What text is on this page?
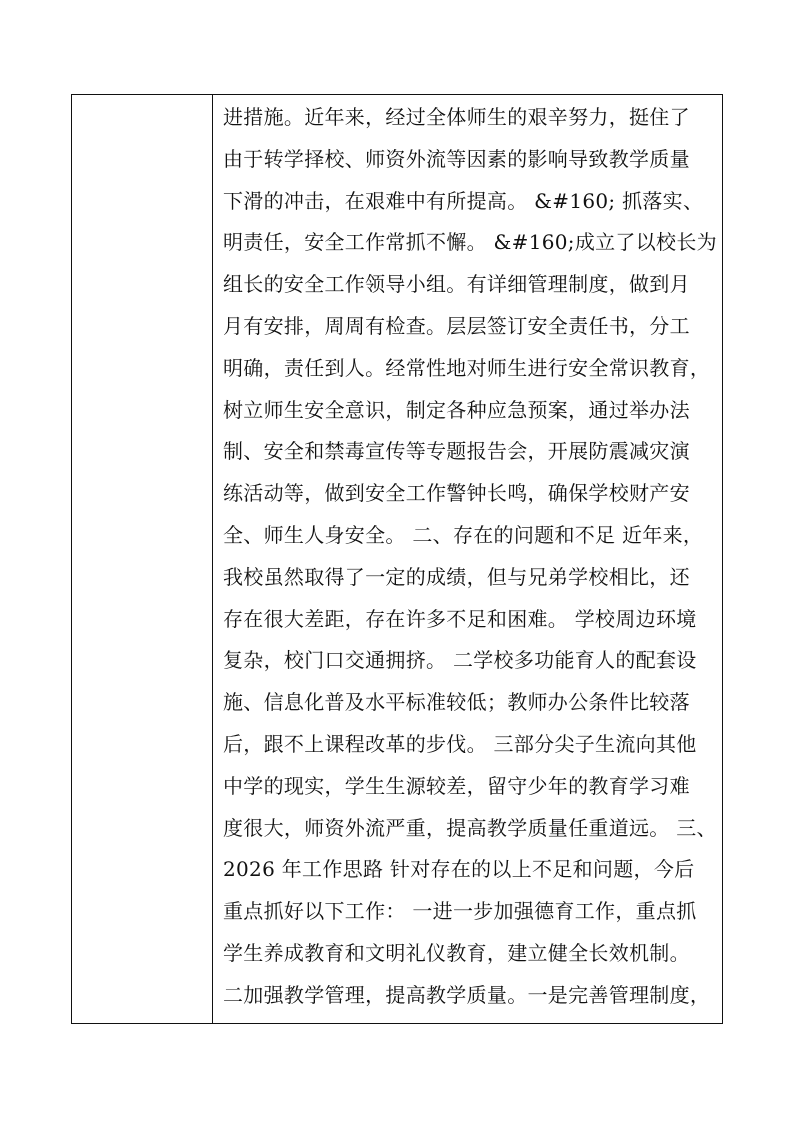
进措施。近年来，经过全体师生的艰辛努力，挺住了
由于转学择校、师资外流等因素的影响导致教学质量
下滑的冲击，在艰难中有所提高。 &#160; 抓落实、
明责任，安全工作常抓不懈。 &#160;成立了以校长为
组长的安全工作领导小组。有详细管理制度，做到月
月有安排，周周有检查。层层签订安全责任书，分工
明确，责任到人。经常性地对师生进行安全常识教育，
树立师生安全意识，制定各种应急预案，通过举办法
制、安全和禁毒宣传等专题报告会，开展防震减灾演
练活动等，做到安全工作警钟长鸣，确保学校财产安
全、师生人身安全。 二、存在的问题和不足 近年来，
我校虽然取得了一定的成绩，但与兄弟学校相比，还
存在很大差距，存在许多不足和困难。 学校周边环境
复杂，校门口交通拥挤。 二学校多功能育人的配套设
施、信息化普及水平标准较低；教师办公条件比较落
后，跟不上课程改革的步伐。 三部分尖子生流向其他
中学的现实，学生生源较差，留守少年的教育学习难
度很大，师资外流严重，提高教学质量任重道远。 三、
2026 年工作思路 针对存在的以上不足和问题，今后
重点抓好以下工作： 一进一步加强德育工作，重点抓
学生养成教育和文明礼仪教育，建立健全长效机制。
二加强教学管理，提高教学质量。一是完善管理制度，
